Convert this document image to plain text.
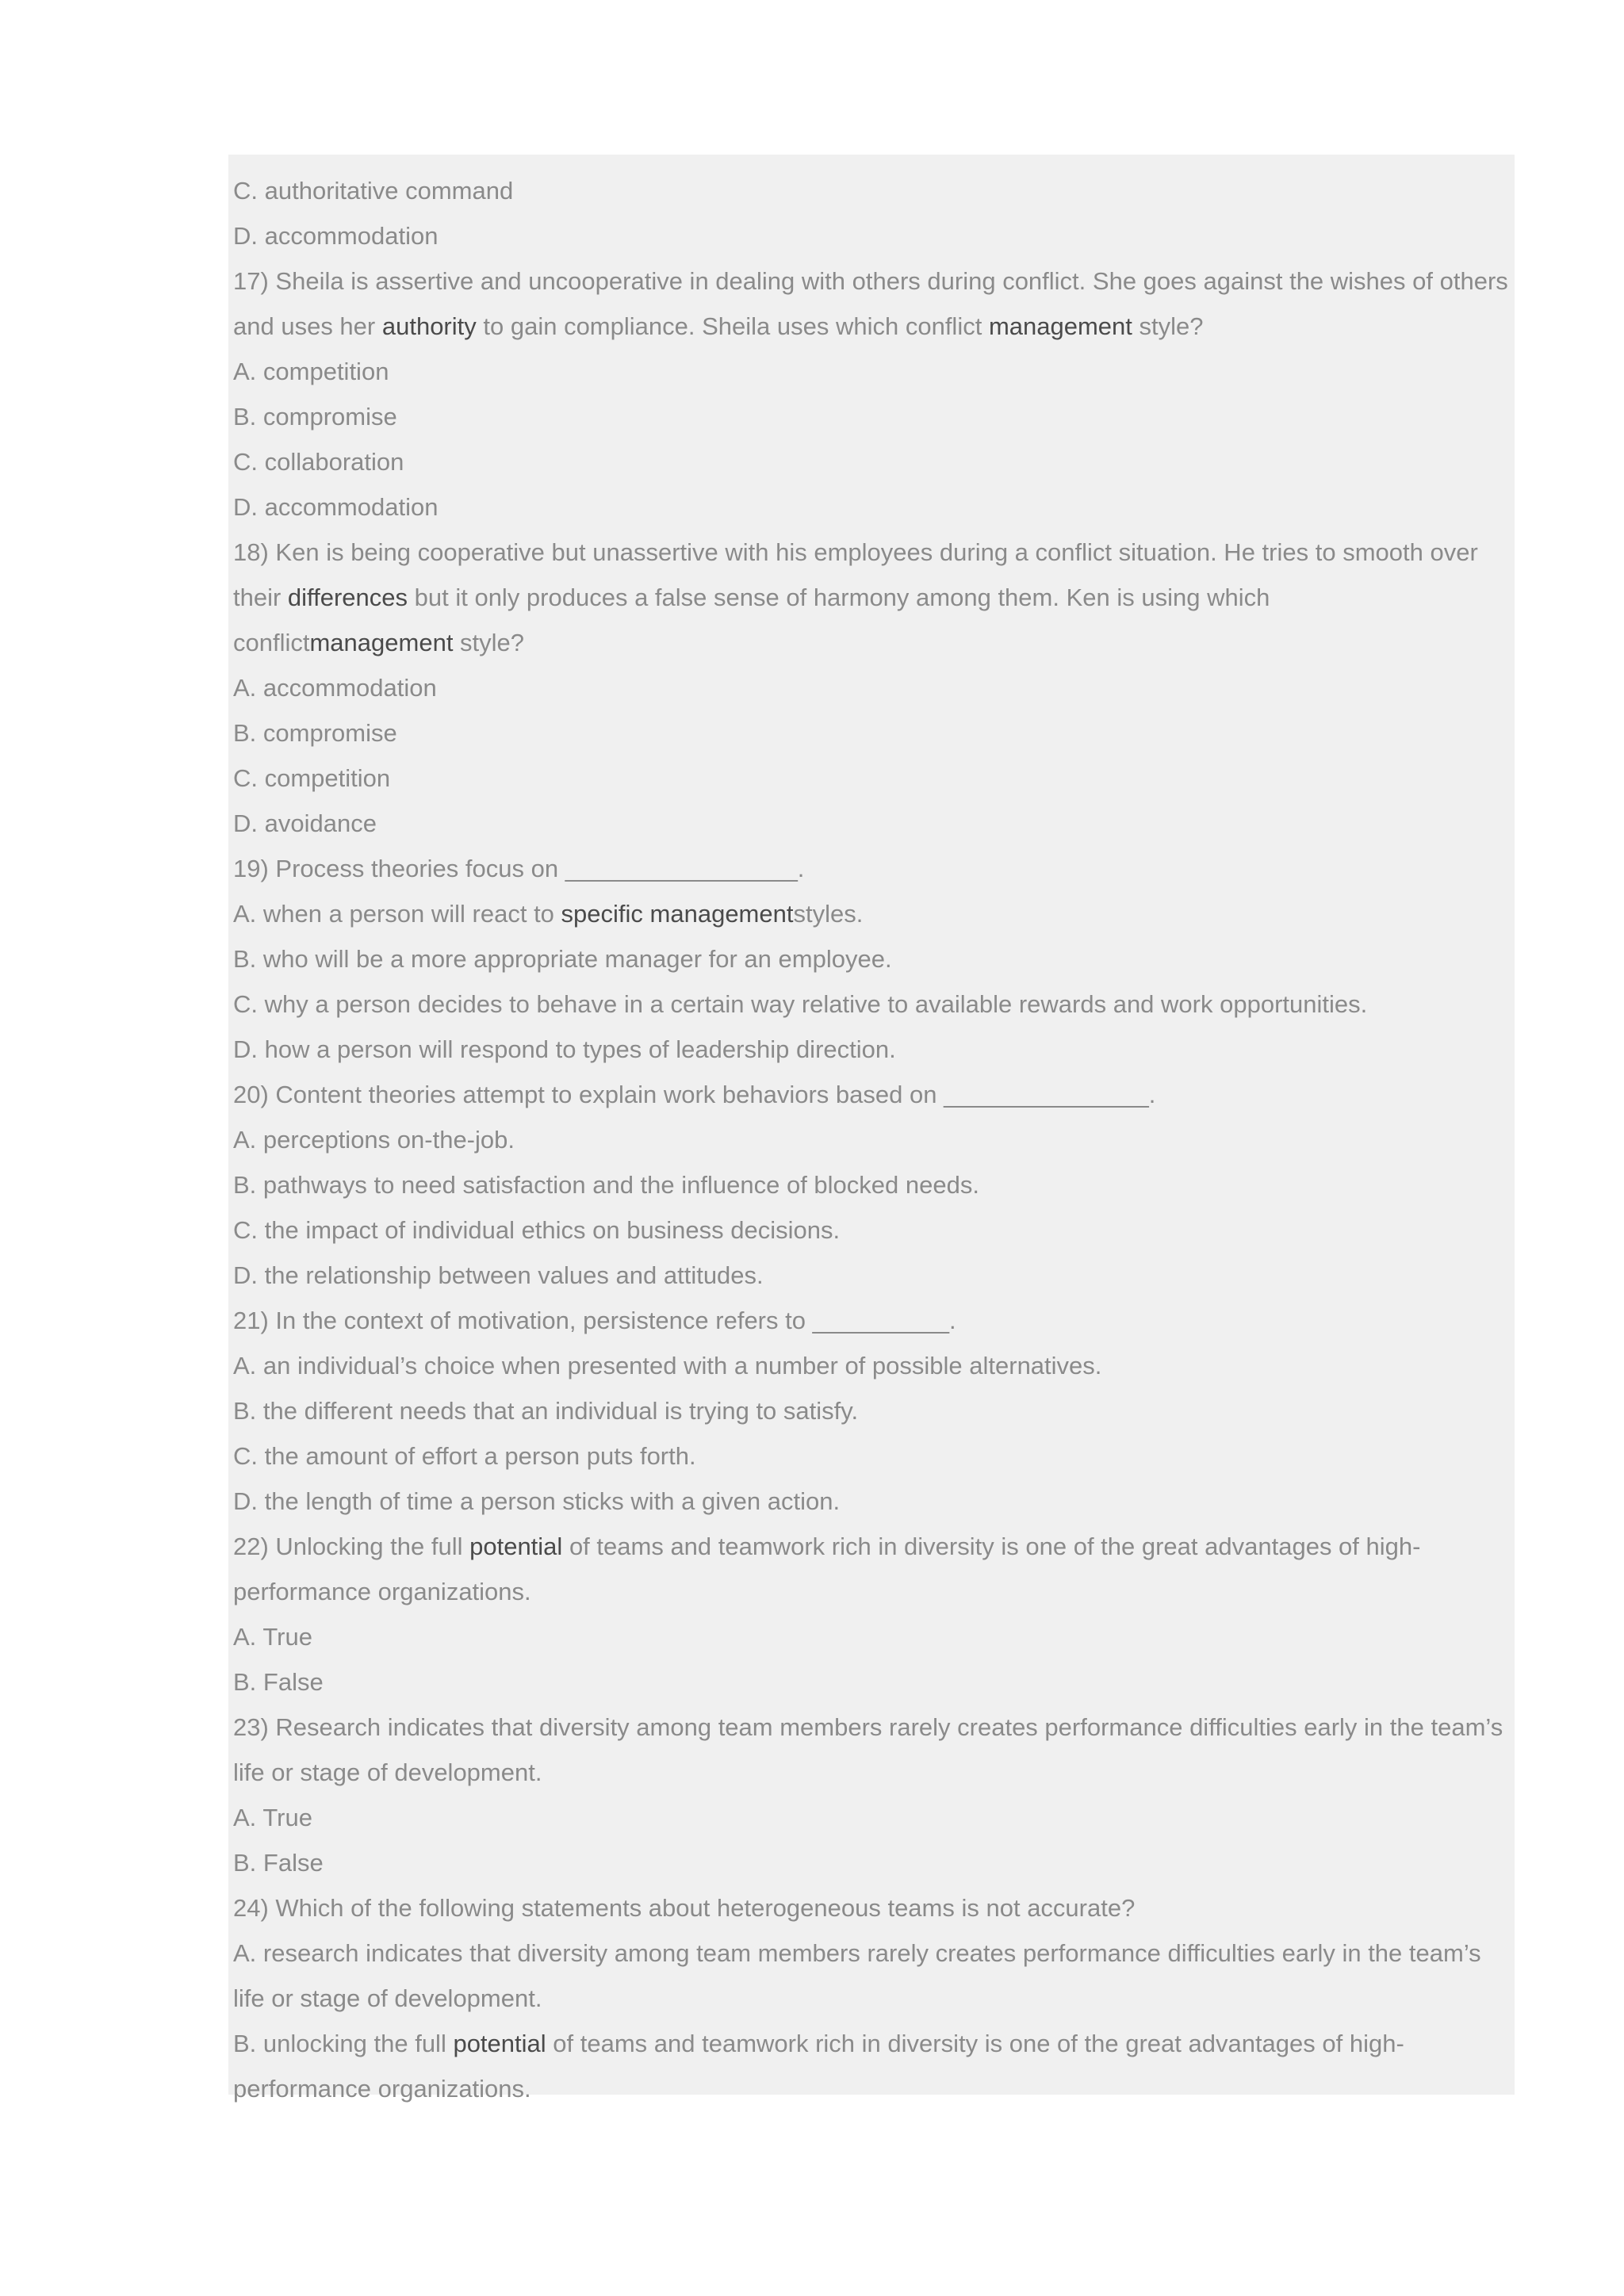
C. authoritative command
D. accommodation
17) Sheila is assertive and uncooperative in dealing with others during conflict. She goes against the wishes of others
and uses her authority to gain compliance. Sheila uses which conflict management style?
A. competition
B. compromise
C. collaboration
D. accommodation
18) Ken is being cooperative but unassertive with his employees during a conflict situation. He tries to smooth over
their differences but it only produces a false sense of harmony among them. Ken is using which
conflictmanagement style?
A. accommodation
B. compromise
C. competition
D. avoidance
19) Process theories focus on _________________.
A. when a person will react to specific managementstyles.
B. who will be a more appropriate manager for an employee.
C. why a person decides to behave in a certain way relative to available rewards and work opportunities.
D. how a person will respond to types of leadership direction.
20) Content theories attempt to explain work behaviors based on _______________.
A. perceptions on-the-job.
B. pathways to need satisfaction and the influence of blocked needs.
C. the impact of individual ethics on business decisions.
D. the relationship between values and attitudes.
21) In the context of motivation, persistence refers to __________.
A. an individual’s choice when presented with a number of possible alternatives.
B. the different needs that an individual is trying to satisfy.
C. the amount of effort a person puts forth.
D. the length of time a person sticks with a given action.
22) Unlocking the full potential of teams and teamwork rich in diversity is one of the great advantages of high-
performance organizations.
A. True
B. False
23) Research indicates that diversity among team members rarely creates performance difficulties early in the team’s
life or stage of development.
A. True
B. False
24) Which of the following statements about heterogeneous teams is not accurate?
A. research indicates that diversity among team members rarely creates performance difficulties early in the team’s
life or stage of development.
B. unlocking the full potential of teams and teamwork rich in diversity is one of the great advantages of high-
performance organizations.
